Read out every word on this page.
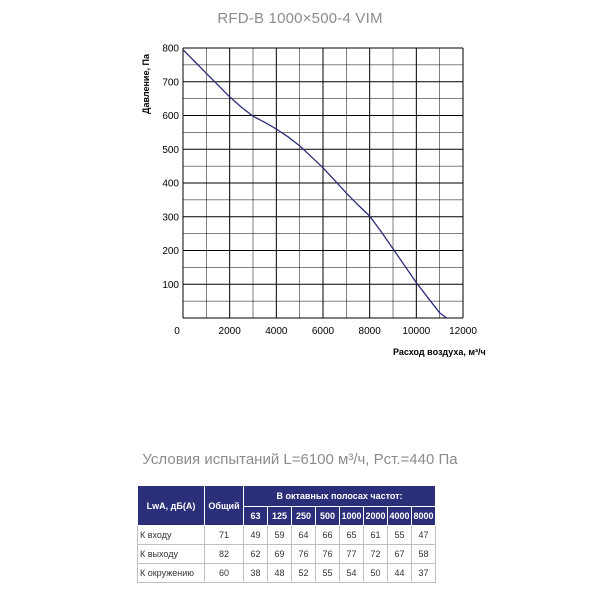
RFD-B 1000×500-4 VIM
100
200
300
400
500
600
700
800
0	2000 4000 6000 8000 10000 12000
Давление, Па
Расход воздуха, м³/ч
Условия испытаний L=6100 м³/ч, Рст.=440 Па
LwA, дБ(A)	Общий	В октавных полосах частот:							
		63	125	250	500	1000	2000	4000	8000
К входу	71	49	59	64	66	65	61	55	47
К выходу	82	62	69	76	76	77	72	67	58
К окружению	60	38	48	52	55	54	50	44	37
